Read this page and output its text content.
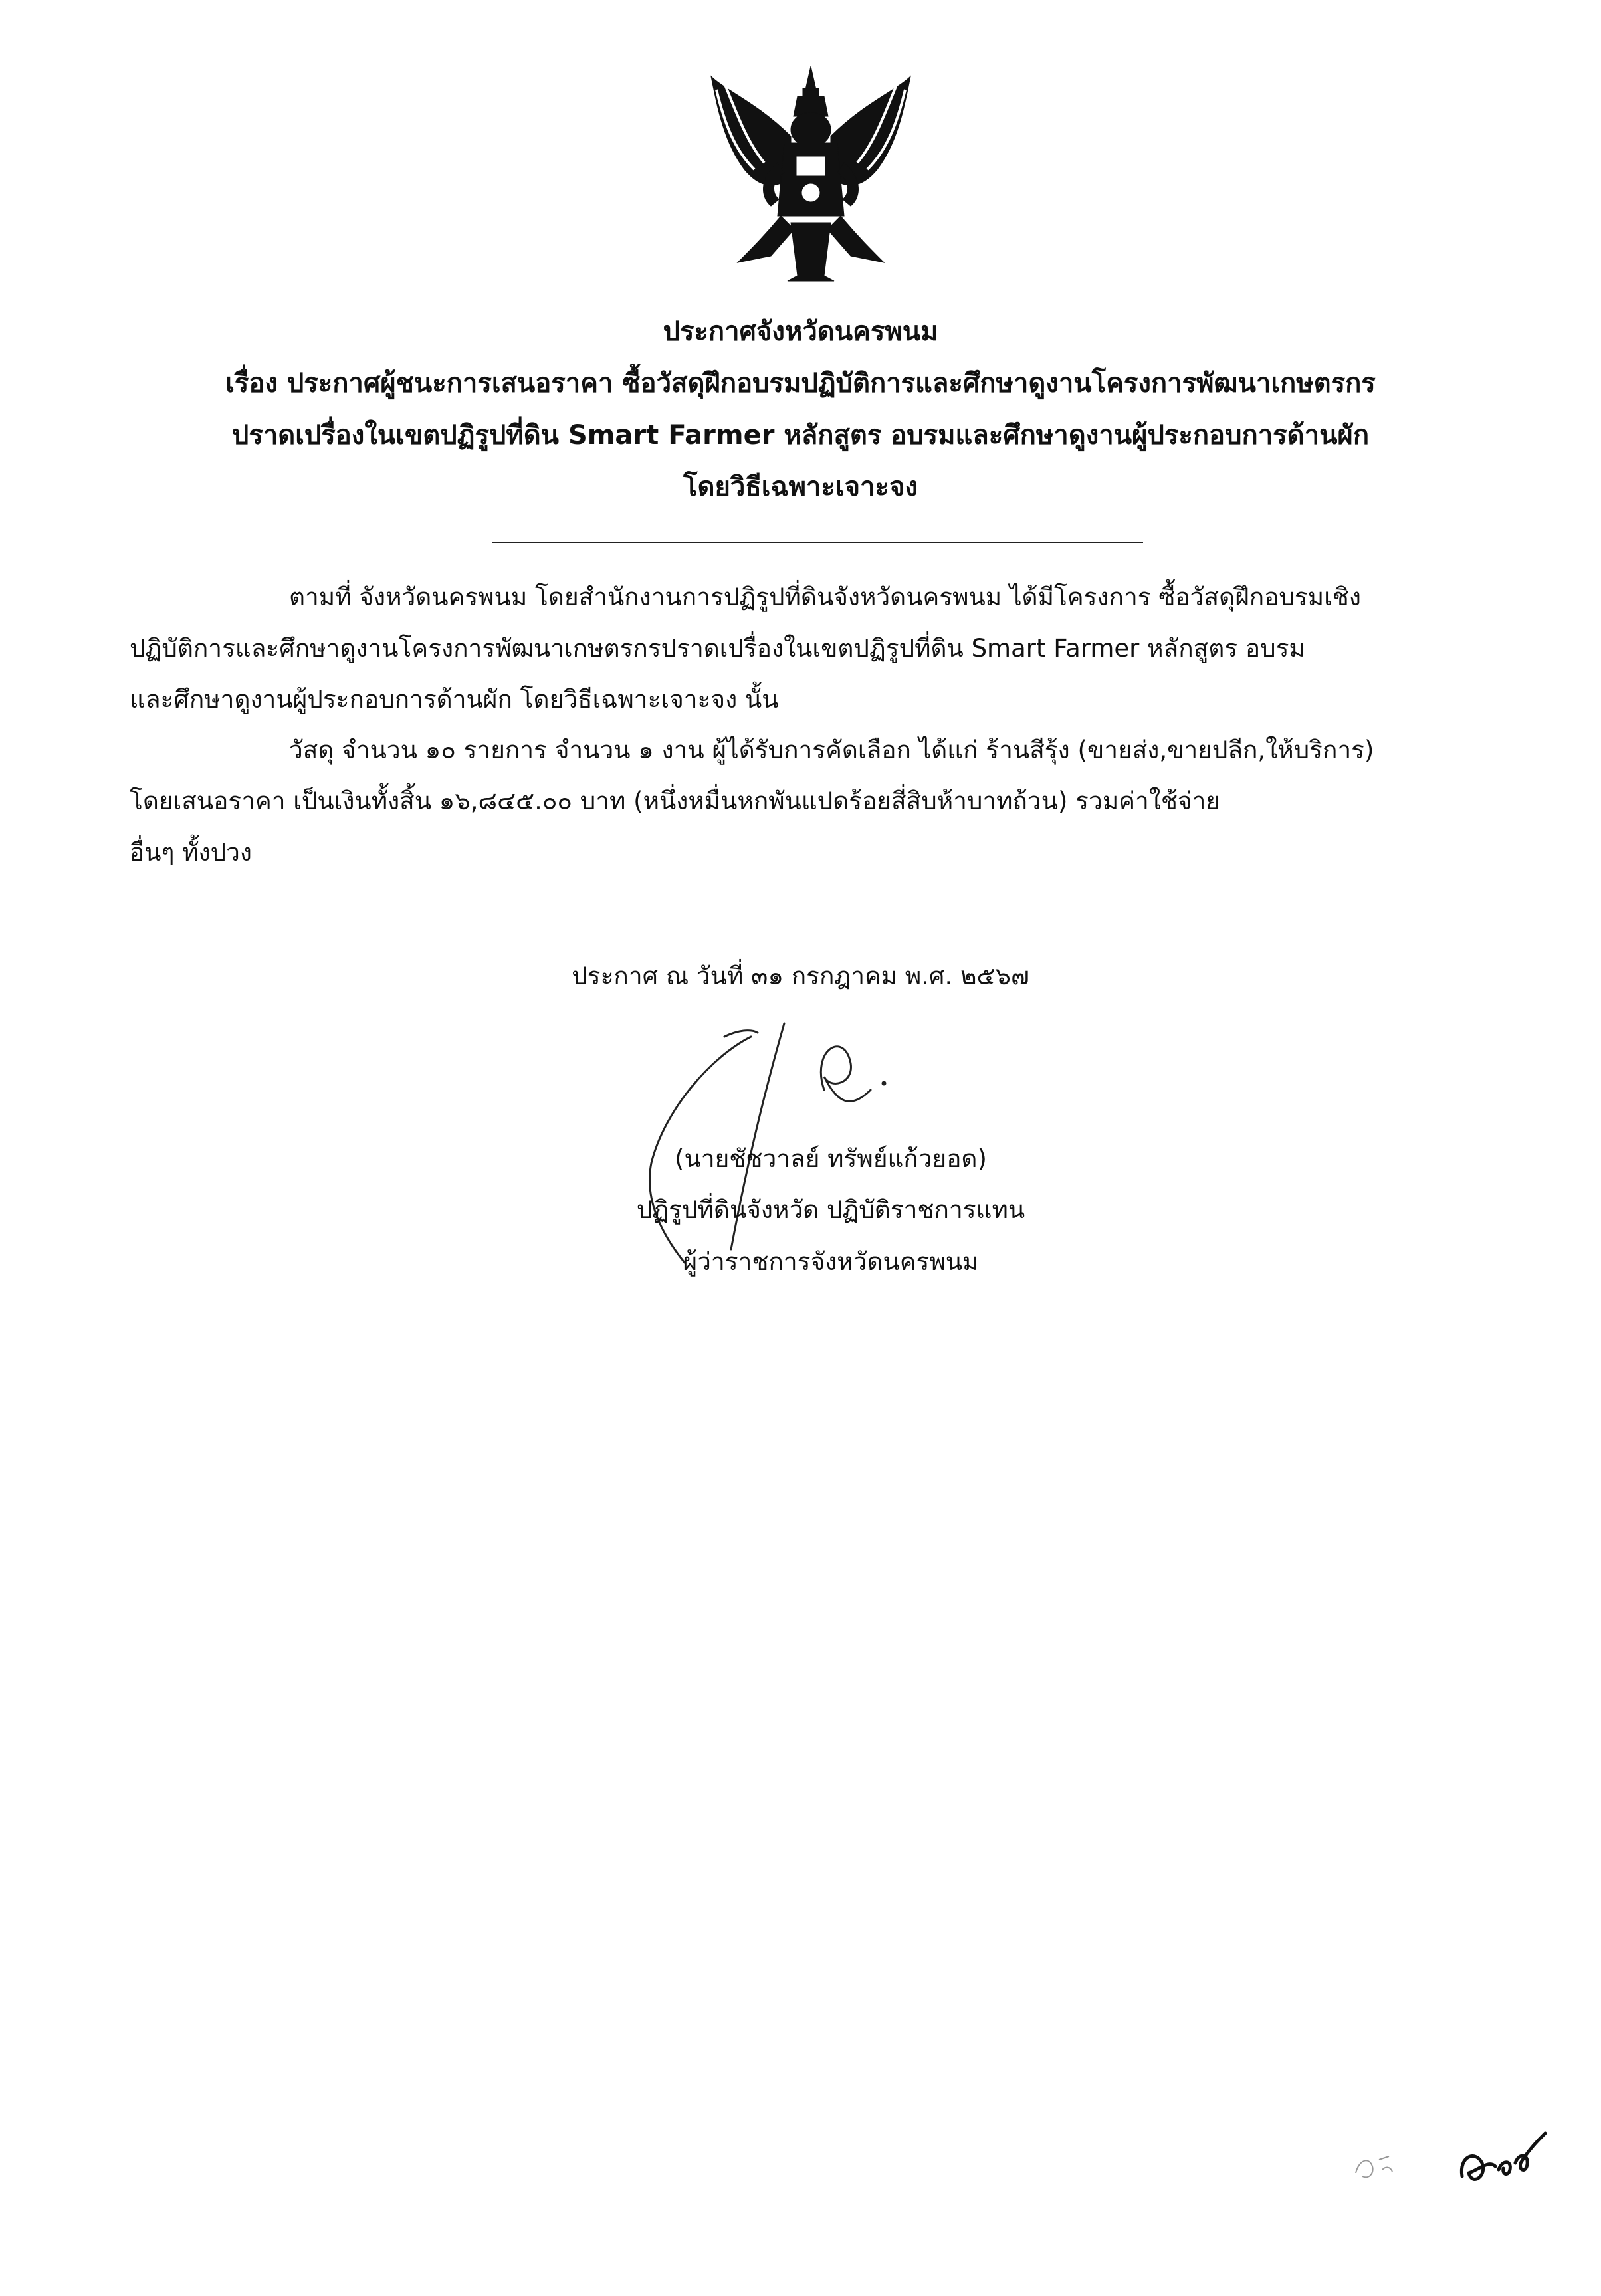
ประกาศจังหวัดนครพนม
เรื่อง ประกาศผู้ชนะการเสนอราคา ซื้อวัสดุฝึกอบรมปฏิบัติการและศึกษาดูงานโครงการพัฒนาเกษตรกร
ปราดเปรื่องในเขตปฏิรูปที่ดิน Smart Farmer หลักสูตร อบรมและศึกษาดูงานผู้ประกอบการด้านผัก
โดยวิธีเฉพาะเจาะจง
ตามที่ จังหวัดนครพนม โดยสำนักงานการปฏิรูปที่ดินจังหวัดนครพนม ได้มีโครงการ ซื้อวัสดุฝึกอบรมเชิง
ปฏิบัติการและศึกษาดูงานโครงการพัฒนาเกษตรกรปราดเปรื่องในเขตปฏิรูปที่ดิน Smart Farmer หลักสูตร อบรม
และศึกษาดูงานผู้ประกอบการด้านผัก โดยวิธีเฉพาะเจาะจง นั้น
วัสดุ จำนวน ๑๐ รายการ จำนวน ๑ งาน ผู้ได้รับการคัดเลือก ได้แก่ ร้านสีรุ้ง (ขายส่ง,ขายปลีก,ให้บริการ)
โดยเสนอราคา เป็นเงินทั้งสิ้น ๑๖,๘๔๕.๐๐ บาท (หนึ่งหมื่นหกพันแปดร้อยสี่สิบห้าบาทถ้วน) รวมค่าใช้จ่าย
อื่นๆ ทั้งปวง
ประกาศ ณ วันที่ ๓๑ กรกฎาคม พ.ศ. ๒๕๖๗
(นายชัชวาลย์ ทรัพย์แก้วยอด)
ปฏิรูปที่ดินจังหวัด ปฏิบัติราชการแทน
ผู้ว่าราชการจังหวัดนครพนม
